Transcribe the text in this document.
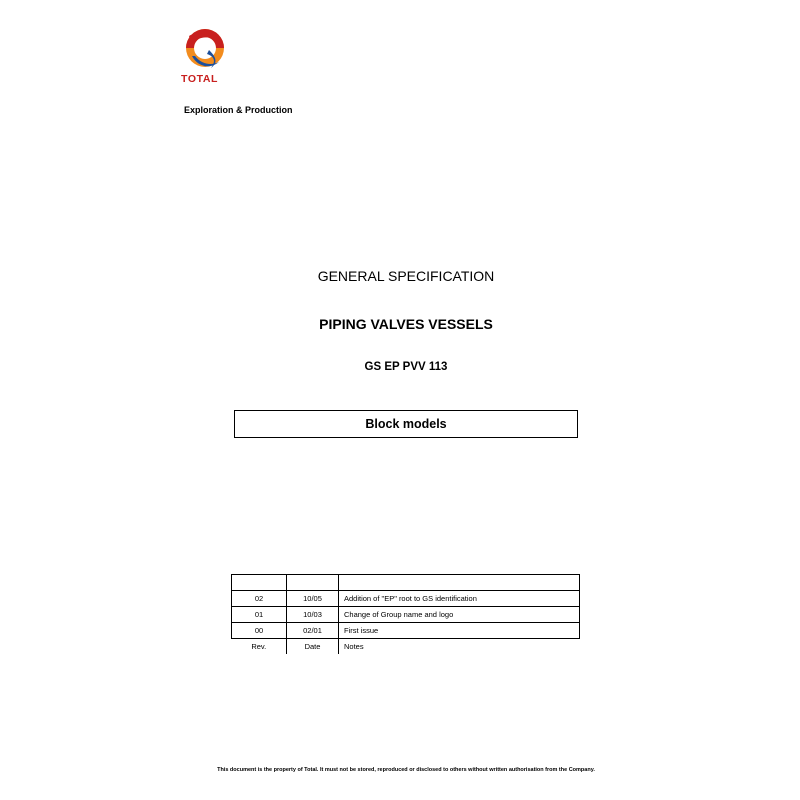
TOTAL
Exploration & Production
GENERAL SPECIFICATION
PIPING VALVES VESSELS
GS EP PVV 113
Block models

02	10/05	Addition of "EP" root to GS identification
01	10/03	Change of Group name and logo
00	02/01	First issue
Rev.	Date	Notes
This document is the property of Total. It must not be stored, reproduced or disclosed to others without written authorisation from the Company.
